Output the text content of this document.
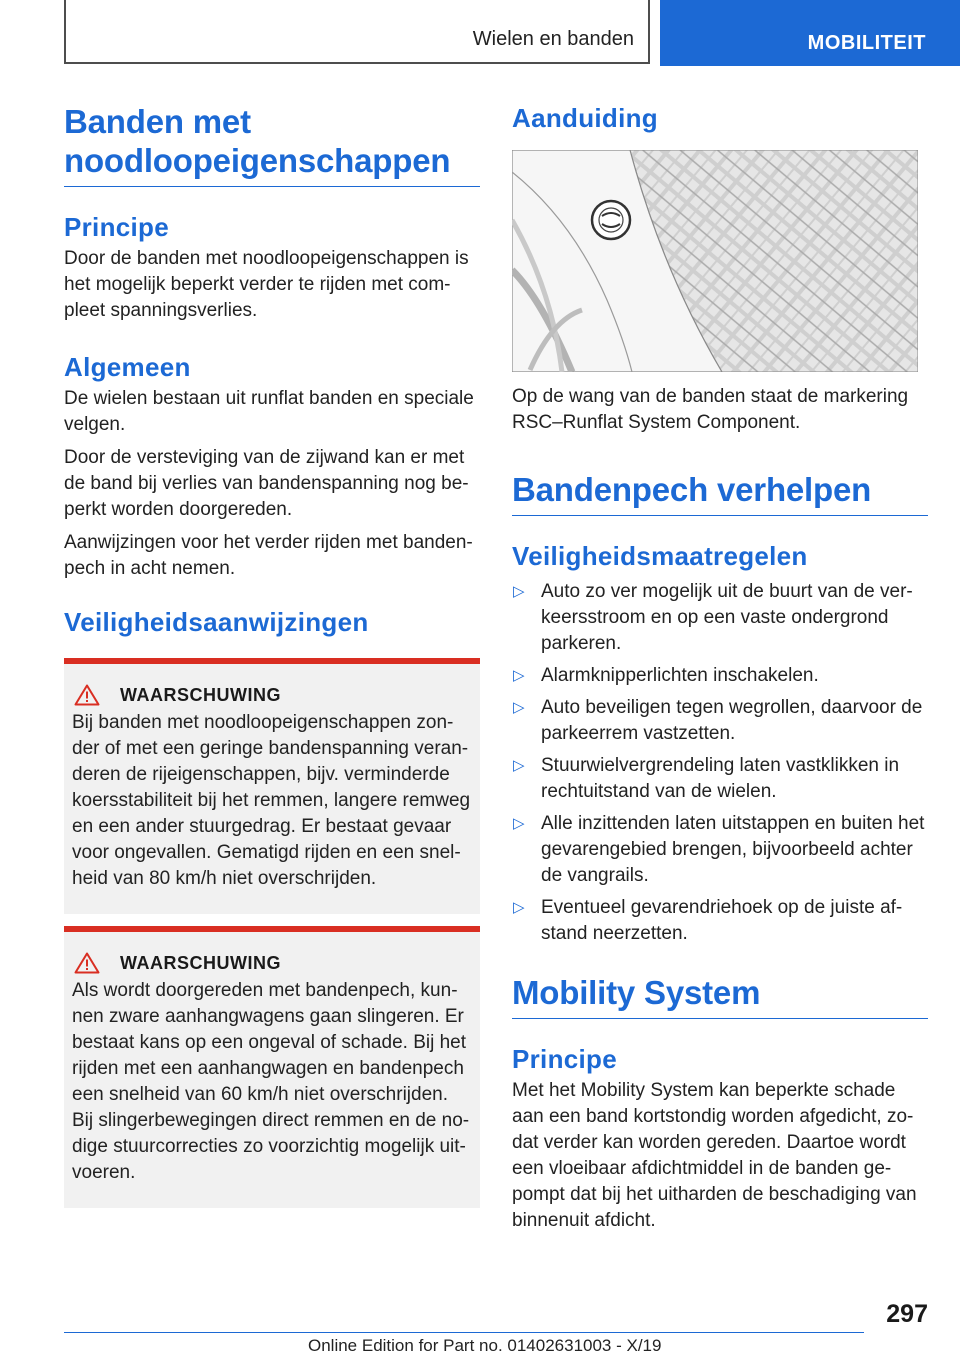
Wielen en banden	MOBILITEIT
Banden met
noodloopeigenschappen
Principe

Door de banden met noodloopeigenschappen is het mogelijk beperkt verder te rijden met com-pleet spanningsverlies.

Algemeen

De wielen bestaan uit runflat banden en speciale velgen.

Door de versteviging van de zijwand kan er met de band bij verlies van bandenspanning nog be-perkt worden doorgereden.

Aanwijzingen voor het verder rijden met banden-pech in acht nemen.

Veiligheidsaanwijzingen
WAARSCHUWING

Bij banden met noodloopeigenschappen zon-der of met een geringe bandenspanning veran-deren de rijeigenschappen, bijv. verminderde koersstabiliteit bij het remmen, langere remweg en een ander stuurgedrag. Er bestaat gevaar voor ongevallen. Gematigd rijden en een snel-heid van 80 km/h niet overschrijden.

WAARSCHUWING

Als wordt doorgereden met bandenpech, kun-nen zware aanhangwagens gaan slingeren. Er bestaat kans op een ongeval of schade. Bij het rijden met een aanhangwagen en bandenpech een snelheid van 60 km/h niet overschrijden. Bij slingerbewegingen direct remmen en de no-dige stuurcorrecties zo voorzichtig mogelijk uit-voeren.

Aanduiding

Op de wang van de banden staat de markering RSC–Runflat System Component.

Bandenpech verhelpen
Veiligheidsmaatregelen
▷ Auto zo ver mogelijk uit de buurt van de ver-keersstroom en op een vaste ondergrond parkeren.
▷ Alarmknipperlichten inschakelen.
▷ Auto beveiligen tegen wegrollen, daarvoor de parkeerrem vastzetten.
▷ Stuurwielvergrendeling laten vastklikken in rechtuitstand van de wielen.
▷ Alle inzittenden laten uitstappen en buiten het gevarengebied brengen, bijvoorbeeld achter de vangrails.
▷ Eventueel gevarendriehoek op de juiste af-stand neerzetten.
Mobility System
Principe

Met het Mobility System kan beperkte schade aan een band kortstondig worden afgedicht, zo-dat verder kan worden gereden. Daartoe wordt een vloeibaar afdichtmiddel in de banden ge-pompt dat bij het uitharden de beschadiging van binnenuit afdicht.

297
Online Edition for Part no. 01402631003 - X/19
